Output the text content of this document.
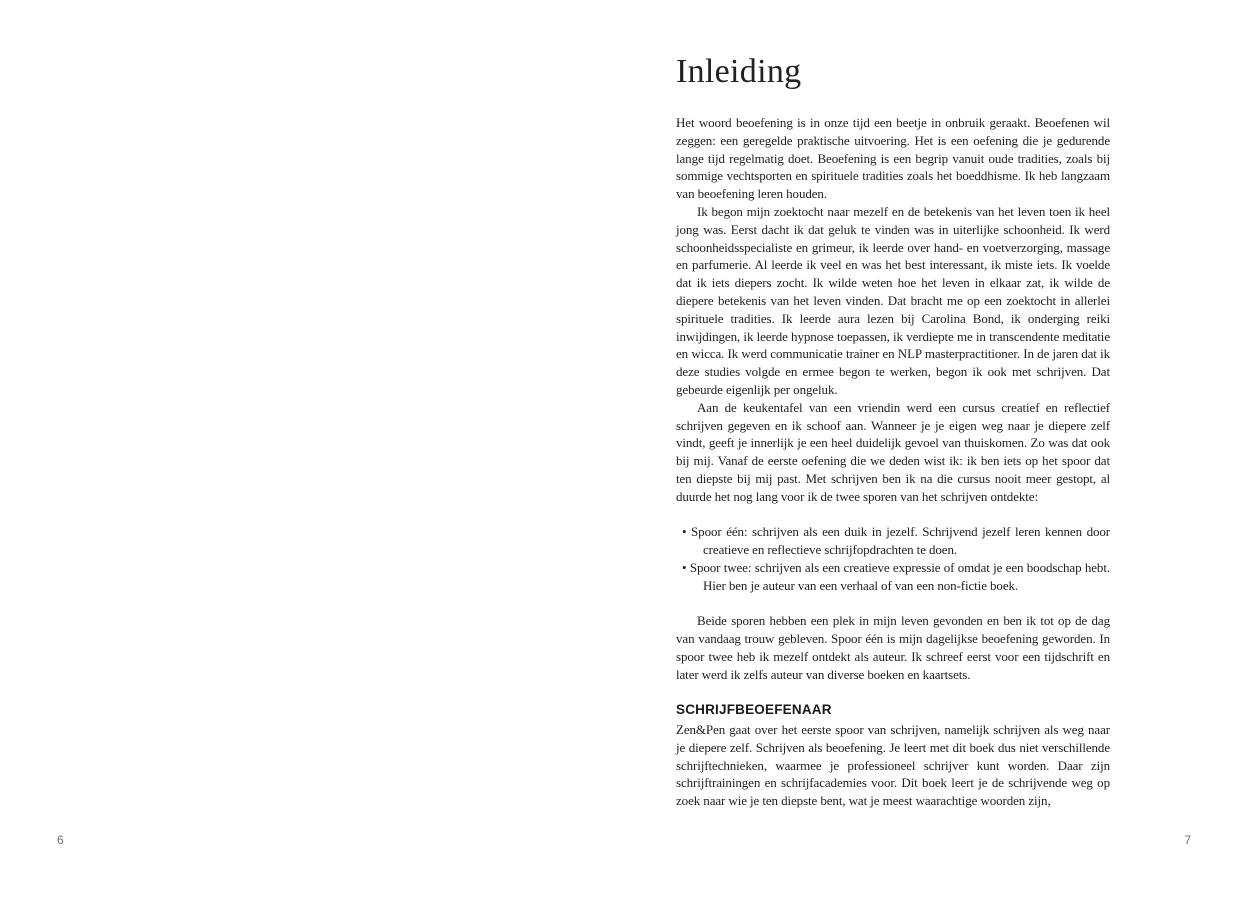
6
Inleiding

Het woord beoefening is in onze tijd een beetje in onbruik geraakt. Beoefenen wil zeggen: een geregelde praktische uitvoering. Het is een oefening die je gedurende lange tijd regelmatig doet. Beoefening is een begrip vanuit oude tradities, zoals bij sommige vechtsporten en spirituele tradities zoals het boeddhisme. Ik heb langzaam van beoefening leren houden.

Ik begon mijn zoektocht naar mezelf en de betekenis van het leven toen ik heel jong was. Eerst dacht ik dat geluk te vinden was in uiterlijke schoonheid. Ik werd schoonheidsspecialiste en grimeur, ik leerde over hand- en voetverzorging, massage en parfumerie. Al leerde ik veel en was het best interessant, ik miste iets. Ik voelde dat ik iets diepers zocht. Ik wilde weten hoe het leven in elkaar zat, ik wilde de diepere betekenis van het leven vinden. Dat bracht me op een zoektocht in allerlei spirituele tradities. Ik leerde aura lezen bij Carolina Bond, ik onderging reiki inwijdingen, ik leerde hypnose toepassen, ik verdiepte me in transcendente meditatie en wicca. Ik werd communicatie trainer en NLP masterpractitioner. In de jaren dat ik deze studies volgde en ermee begon te werken, begon ik ook met schrijven. Dat gebeurde eigenlijk per ongeluk.

Aan de keukentafel van een vriendin werd een cursus creatief en reflectief schrijven gegeven en ik schoof aan. Wanneer je je eigen weg naar je diepere zelf vindt, geeft je innerlijk je een heel duidelijk gevoel van thuiskomen. Zo was dat ook bij mij. Vanaf de eerste oefening die we deden wist ik: ik ben iets op het spoor dat ten diepste bij mij past. Met schrijven ben ik na die cursus nooit meer gestopt, al duurde het nog lang voor ik de twee sporen van het schrijven ontdekte:

• Spoor één: schrijven als een duik in jezelf. Schrijvend jezelf leren kennen door creatieve en reflectieve schrijfopdrachten te doen.
• Spoor twee: schrijven als een creatieve expressie of omdat je een boodschap hebt. Hier ben je auteur van een verhaal of van een non-fictie boek.

Beide sporen hebben een plek in mijn leven gevonden en ben ik tot op de dag van vandaag trouw gebleven. Spoor één is mijn dagelijkse beoefening geworden. In spoor twee heb ik mezelf ontdekt als auteur. Ik schreef eerst voor een tijdschrift en later werd ik zelfs auteur van diverse boeken en kaartsets.

SCHRIJFBEOEFENAAR

Zen&Pen gaat over het eerste spoor van schrijven, namelijk schrijven als weg naar je diepere zelf. Schrijven als beoefening. Je leert met dit boek dus niet verschillende schrijftechnieken, waarmee je professioneel schrijver kunt worden. Daar zijn schrijftrainingen en schrijfacademies voor. Dit boek leert je de schrijvende weg op zoek naar wie je ten diepste bent, wat je meest waarachtige woorden zijn,

7
